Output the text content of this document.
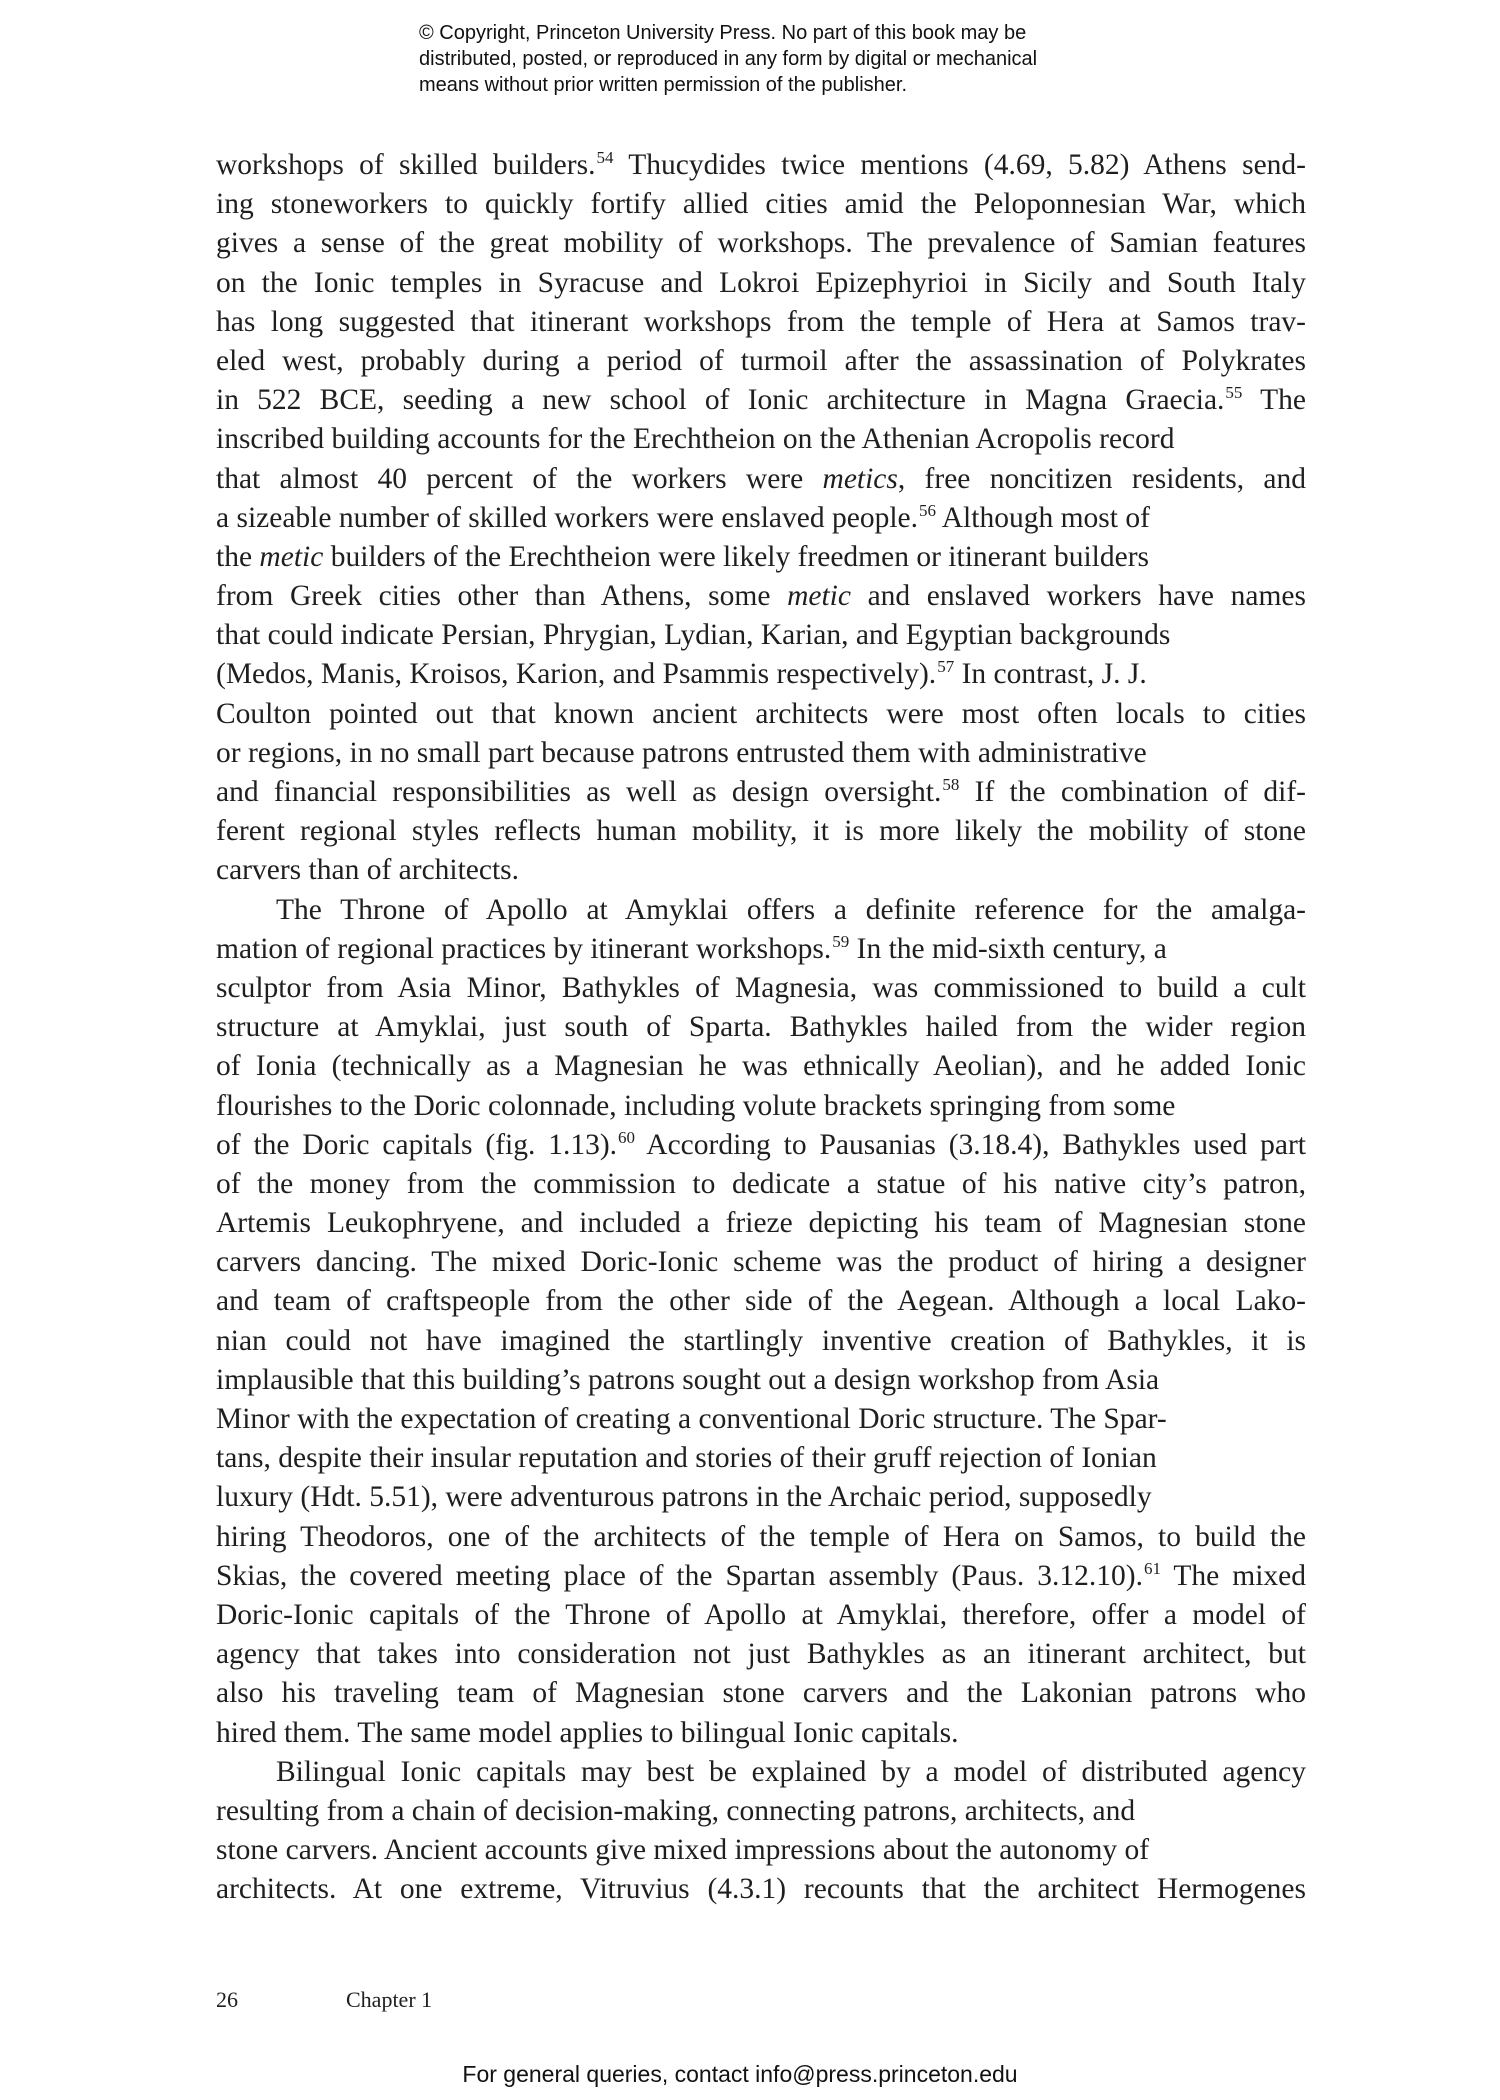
© Copyright, Princeton University Press. No part of this book may be
distributed, posted, or reproduced in any form by digital or mechanical
means without prior written permission of the publisher.
workshops of skilled builders.$^{54}$ Thucydides twice mentions (4.69, 5.82) Athens send-
ing stoneworkers to quickly fortify allied cities amid the Peloponnesian War, which
gives a sense of the great mobility of workshops. The prevalence of Samian features
on the Ionic temples in Syracuse and Lokroi Epizephyrioi in Sicily and South Italy
has long suggested that itinerant workshops from the temple of Hera at Samos trav-
eled west, probably during a period of turmoil after the assassination of Polykrates
in 522 BCE, seeding a new school of Ionic architecture in Magna Graecia.$^{55}$ The
inscribed building accounts for the Erechtheion on the Athenian Acropolis record
that almost 40 percent of the workers were metics, free noncitizen residents, and
a sizeable number of skilled workers were enslaved people.$^{56}$ Although most of
the metic builders of the Erechtheion were likely freedmen or itinerant builders
from Greek cities other than Athens, some metic and enslaved workers have names
that could indicate Persian, Phrygian, Lydian, Karian, and Egyptian backgrounds
(Medos, Manis, Kroisos, Karion, and Psammis respectively).$^{57}$ In contrast, J. J.
Coulton pointed out that known ancient architects were most often locals to cities
or regions, in no small part because patrons entrusted them with administrative
and financial responsibilities as well as design oversight.$^{58}$ If the combination of dif-
ferent regional styles reflects human mobility, it is more likely the mobility of stone
carvers than of architects.
The Throne of Apollo at Amyklai offers a definite reference for the amalga-
mation of regional practices by itinerant workshops.$^{59}$ In the mid-sixth century, a
sculptor from Asia Minor, Bathykles of Magnesia, was commissioned to build a cult
structure at Amyklai, just south of Sparta. Bathykles hailed from the wider region
of Ionia (technically as a Magnesian he was ethnically Aeolian), and he added Ionic
flourishes to the Doric colonnade, including volute brackets springing from some
of the Doric capitals (fig. 1.13).$^{60}$ According to Pausanias (3.18.4), Bathykles used part
of the money from the commission to dedicate a statue of his native city’s patron,
Artemis Leukophryene, and included a frieze depicting his team of Magnesian stone
carvers dancing. The mixed Doric-Ionic scheme was the product of hiring a designer
and team of craftspeople from the other side of the Aegean. Although a local Lako-
nian could not have imagined the startlingly inventive creation of Bathykles, it is
implausible that this building’s patrons sought out a design workshop from Asia
Minor with the expectation of creating a conventional Doric structure. The Spar-
tans, despite their insular reputation and stories of their gruff rejection of Ionian
luxury (Hdt. 5.51), were adventurous patrons in the Archaic period, supposedly
hiring Theodoros, one of the architects of the temple of Hera on Samos, to build the
Skias, the covered meeting place of the Spartan assembly (Paus. 3.12.10).$^{61}$ The mixed
Doric-Ionic capitals of the Throne of Apollo at Amyklai, therefore, offer a model of
agency that takes into consideration not just Bathykles as an itinerant architect, but
also his traveling team of Magnesian stone carvers and the Lakonian patrons who
hired them. The same model applies to bilingual Ionic capitals.
Bilingual Ionic capitals may best be explained by a model of distributed agency
resulting from a chain of decision-making, connecting patrons, architects, and
stone carvers. Ancient accounts give mixed impressions about the autonomy of
architects. At one extreme, Vitruvius (4.3.1) recounts that the architect Hermogenes
26	Chapter 1
For general queries, contact info@press.princeton.edu
